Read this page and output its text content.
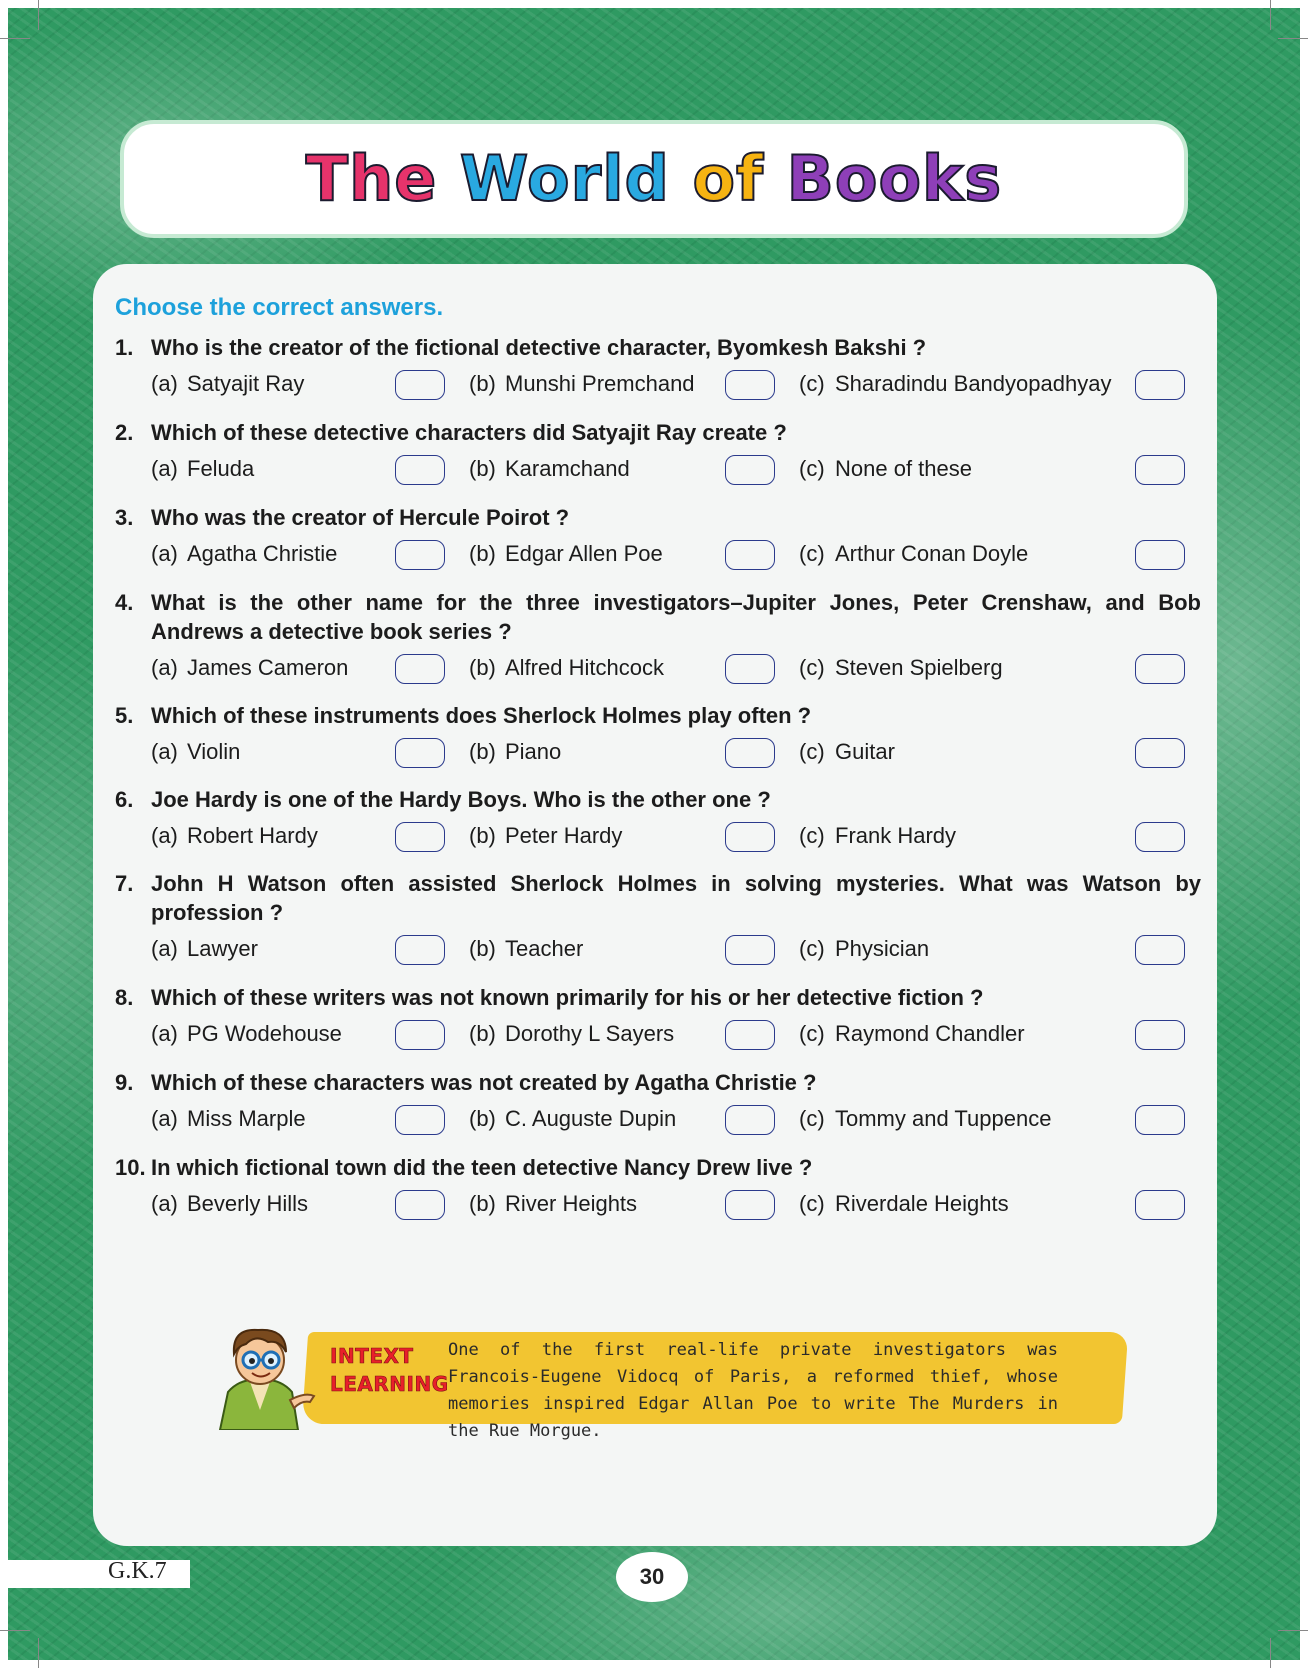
The World of Books
Choose the correct answers.
1. Who is the creator of the fictional detective character, Byomkesh Bakshi ?
(a) Satyajit Ray	(b) Munshi Premchand	(c) Sharadindu Bandyopadhyay
2. Which of these detective characters did Satyajit Ray create ?
(a) Feluda	(b) Karamchand	(c) None of these
3. Who was the creator of Hercule Poirot ?
(a) Agatha Christie	(b) Edgar Allen Poe	(c) Arthur Conan Doyle
4. What is the other name for the three investigators–Jupiter Jones, Peter Crenshaw, and Bob Andrews a detective book series ?
(a) James Cameron	(b) Alfred Hitchcock	(c) Steven Spielberg
5. Which of these instruments does Sherlock Holmes play often ?
(a) Violin	(b) Piano	(c) Guitar
6. Joe Hardy is one of the Hardy Boys. Who is the other one ?
(a) Robert Hardy	(b) Peter Hardy	(c) Frank Hardy
7. John H Watson often assisted Sherlock Holmes in solving mysteries. What was Watson by profession ?
(a) Lawyer	(b) Teacher	(c) Physician
8. Which of these writers was not known primarily for his or her detective fiction ?
(a) PG Wodehouse	(b) Dorothy L Sayers	(c) Raymond Chandler
9. Which of these characters was not created by Agatha Christie ?
(a) Miss Marple	(b) C. Auguste Dupin	(c) Tommy and Tuppence
10. In which fictional town did the teen detective Nancy Drew live ?
(a) Beverly Hills	(b) River Heights	(c) Riverdale Heights
INTEXT
LEARNING
One of the first real-life private investigators was Francois-Eugene Vidocq of Paris, a reformed thief, whose memories inspired Edgar Allan Poe to write The Murders in the Rue Morgue.
G.K.7	30
